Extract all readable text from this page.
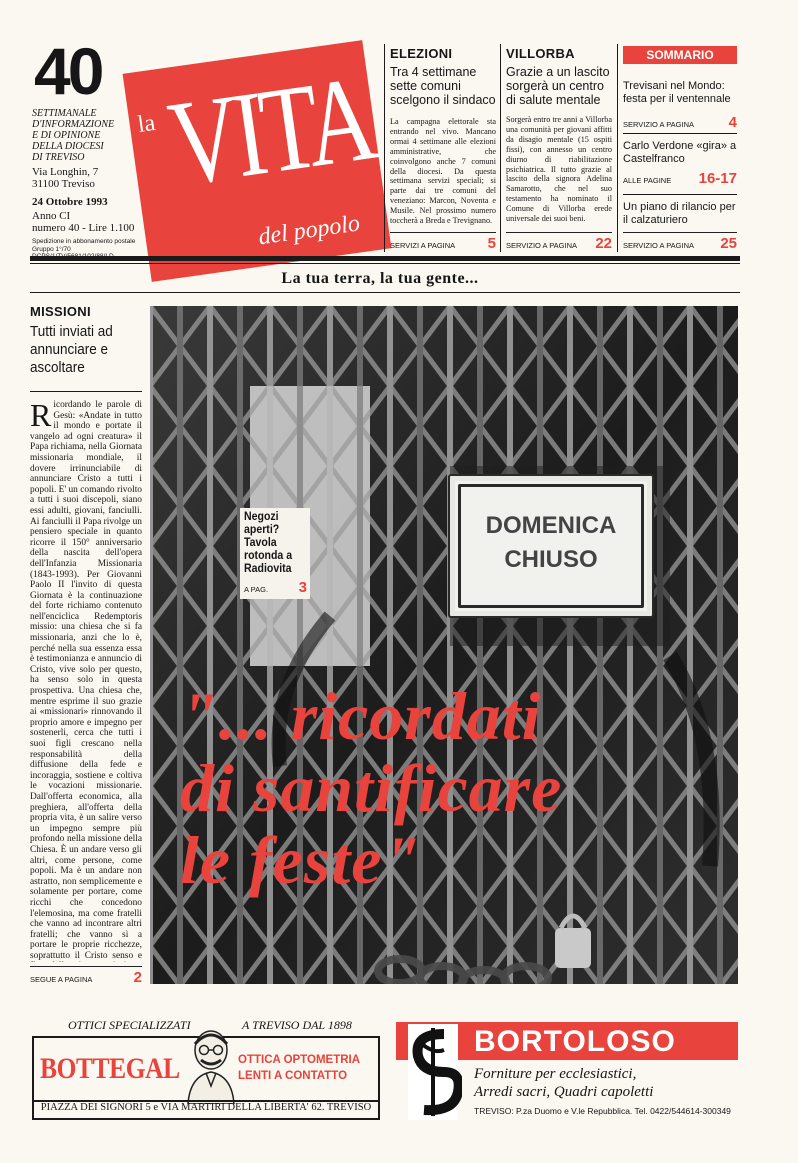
40
SETTIMANALE
D'INFORMAZIONE
E DI OPINIONE
DELLA DIOCESI
DI TREVISO
Via Longhin, 7
31100 Treviso
24 Ottobre 1993
Anno CI
numero 40 - Lire 1.100
Spedizione in abbonamento postale
Gruppo 1°/70
la VITA
del popolo
ELEZIONI
Tra 4 settimane sette comuni scelgono il sindaco
La campagna elettorale sta entrando nel vivo. Mancano ormai 4 settimane alle elezioni amministrative, che coinvolgono anche 7 comuni della diocesi. Da questa settimana servizi speciali; si parte dai tre comuni del veneziano: Marcon, Noventa e Musile. Nel prossimo numero toccherà a Breda e Trevignano.
SERVIZI A PAGINA 5
VILLORBA
Grazie a un lascito sorgerà un centro di salute mentale
Sorgerà entro tre anni a Villorba una comunità per giovani affitti da disagio mentale (15 ospiti fissi), con annesso un centro diurno di riabilitazione psichiatrica. Il tutto grazie al lascito della signora Adelina Samarotto, che nel suo testamento ha nominato il Comune di Villorba erede universale dei suoi beni.
SERVIZIO A PAGINA 22
SOMMARIO
Trevisani nel Mondo: festa per il ventennale
SERVIZIO A PAGINA 4
Carlo Verdone «gira» a Castelfranco
ALLE PAGINE 16-17
Un piano di rilancio per il calzaturiero
SERVIZIO A PAGINA 25
La tua terra, la tua gente...
MISSIONI
Tutti inviati ad annunciare e ascoltare
R icordando le parole di Gesù: «Andate in tutto il mondo e portate il vangelo ad ogni creatura» il Papa richiama, nella Giornata missionaria mondiale, il dovere irrinunciabile di annunciare Cristo a tutti i popoli. E' un comando rivolto a tutti i suoi discepoli, siano essi adulti, giovani, fanciulli. Ai fanciulli il Papa rivolge un pensiero speciale in quanto ricorre il 150° anniversario della nascita dell'opera dell'Infanzia Missionaria (1843-1993). Per Giovanni Paolo II l'invito di questa Giornata è la continuazione del forte richiamo contenuto nell'enciclica Redemptoris missio: una chiesa che si fa missionaria, anzi che lo è, perché nella sua essenza essa è testimonianza e annuncio di Cristo, vive solo per questo, ha senso solo in questa prospettiva. Una chiesa che, mentre esprime il suo grazie ai «missionari» rinnovando il proprio amore e impegno per sostenerli, cerca che tutti i suoi figli crescano nella responsabilità della diffusione della fede e incoraggia, sostiene e coltiva le vocazioni missionarie. Dall'offerta economica, alla preghiera, all'offerta della propria vita, è un salire verso un impegno sempre più profondo nella missione della Chiesa. È un andare verso gli altri, come persone, come popoli. Ma è un andare non astratto, non semplicemente e solamente per portare, come ricchi che concedono l'elemosina, ma come fratelli che vanno ad incontrare altri fratelli; che vanno sì a portare le proprie ricchezze, soprattutto il Cristo senso e
SEGUE A PAGINA	2
DOMENICA
CHIUSO
Negozi aperti? Tavola rotonda a Radiovita
A PAG. 3
"... ricordati
di santificare
le feste"
OTTICI SPECIALIZZATI	A TREVISO DAL 1898
BOTTEGAL	OTTICA OPTOMETRIA
LENTI A CONTATTO
PIAZZA DEI SIGNORI 5 e VIA MARTIRI DELLA LIBERTA' 62. TREVISO
BORTOLOSO
Forniture per ecclesiastici,
Arredi sacri, Quadri capoletti
TREVISO: P.za Duomo e V.le Repubblica. Tel. 0422/544614-300349
